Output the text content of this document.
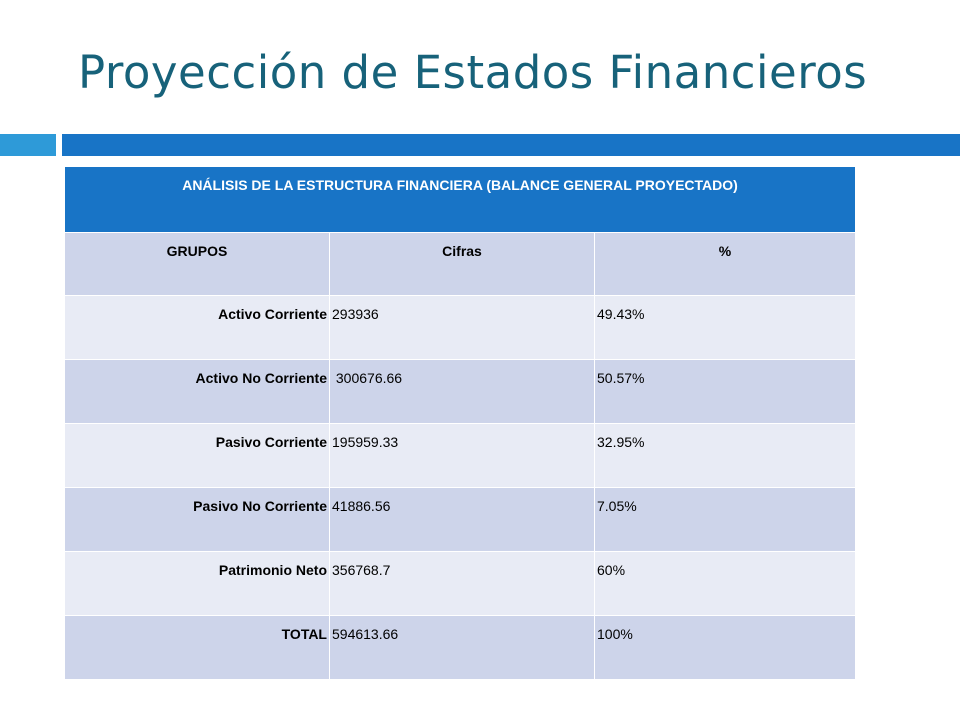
Proyección de Estados Financieros
ANÁLISIS DE LA ESTRUCTURA FINANCIERA (BALANCE GENERAL PROYECTADO)		
GRUPOS	Cifras	%
Activo Corriente	293936	49.43%
Activo No Corriente	300676.66	50.57%
Pasivo Corriente	195959.33	32.95%
Pasivo No Corriente	41886.56	7.05%
Patrimonio Neto	356768.7	60%
TOTAL	594613.66	100%
